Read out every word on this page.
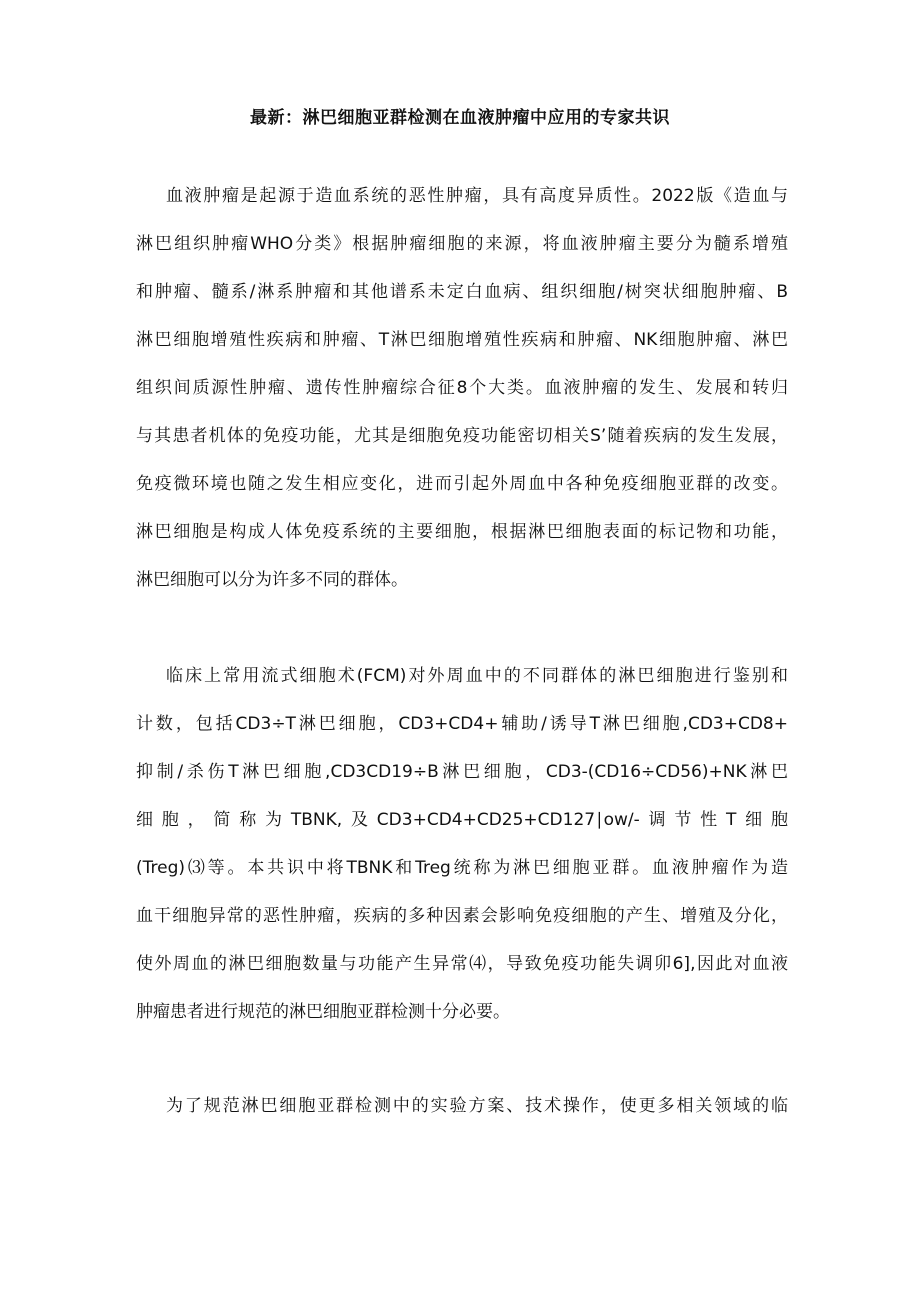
最新：淋巴细胞亚群检测在血液肿瘤中应用的专家共识
血液肿瘤是起源于造血系统的恶性肿瘤，具有高度异质性。2022版《造血与
淋巴组织肿瘤WHO分类》根据肿瘤细胞的来源，将血液肿瘤主要分为髓系增殖
和肿瘤、髓系/淋系肿瘤和其他谱系未定白血病、组织细胞/树突状细胞肿瘤、B
淋巴细胞增殖性疾病和肿瘤、T淋巴细胞增殖性疾病和肿瘤、NK细胞肿瘤、淋巴
组织间质源性肿瘤、遗传性肿瘤综合征8个大类。血液肿瘤的发生、发展和转归
与其患者机体的免疫功能，尤其是细胞免疫功能密切相关S’随着疾病的发生发展，
免疫微环境也随之发生相应变化，进而引起外周血中各种免疫细胞亚群的改变。
淋巴细胞是构成人体免疫系统的主要细胞，根据淋巴细胞表面的标记物和功能，
淋巴细胞可以分为许多不同的群体。
临床上常用流式细胞术(FCM)对外周血中的不同群体的淋巴细胞进行鉴别和
计数，包括CD3÷T淋巴细胞，CD3+CD4+辅助/诱导T淋巴细胞,CD3+CD8+
抑制/杀伤T淋巴细胞,CD3CD19÷B淋巴细胞，CD3-(CD16÷CD56)+NK淋巴
细胞，简称为TBNK,及CD3+CD4+CD25+CD127∣ow∕-调节性T细胞
(Treg)⑶等。本共识中将TBNK和Treg统称为淋巴细胞亚群。血液肿瘤作为造
血干细胞异常的恶性肿瘤，疾病的多种因素会影响免疫细胞的产生、增殖及分化，
使外周血的淋巴细胞数量与功能产生异常⑷，导致免疫功能失调卯6],因此对血液
肿瘤患者进行规范的淋巴细胞亚群检测十分必要。
为了规范淋巴细胞亚群检测中的实验方案、技术操作，使更多相关领域的临
